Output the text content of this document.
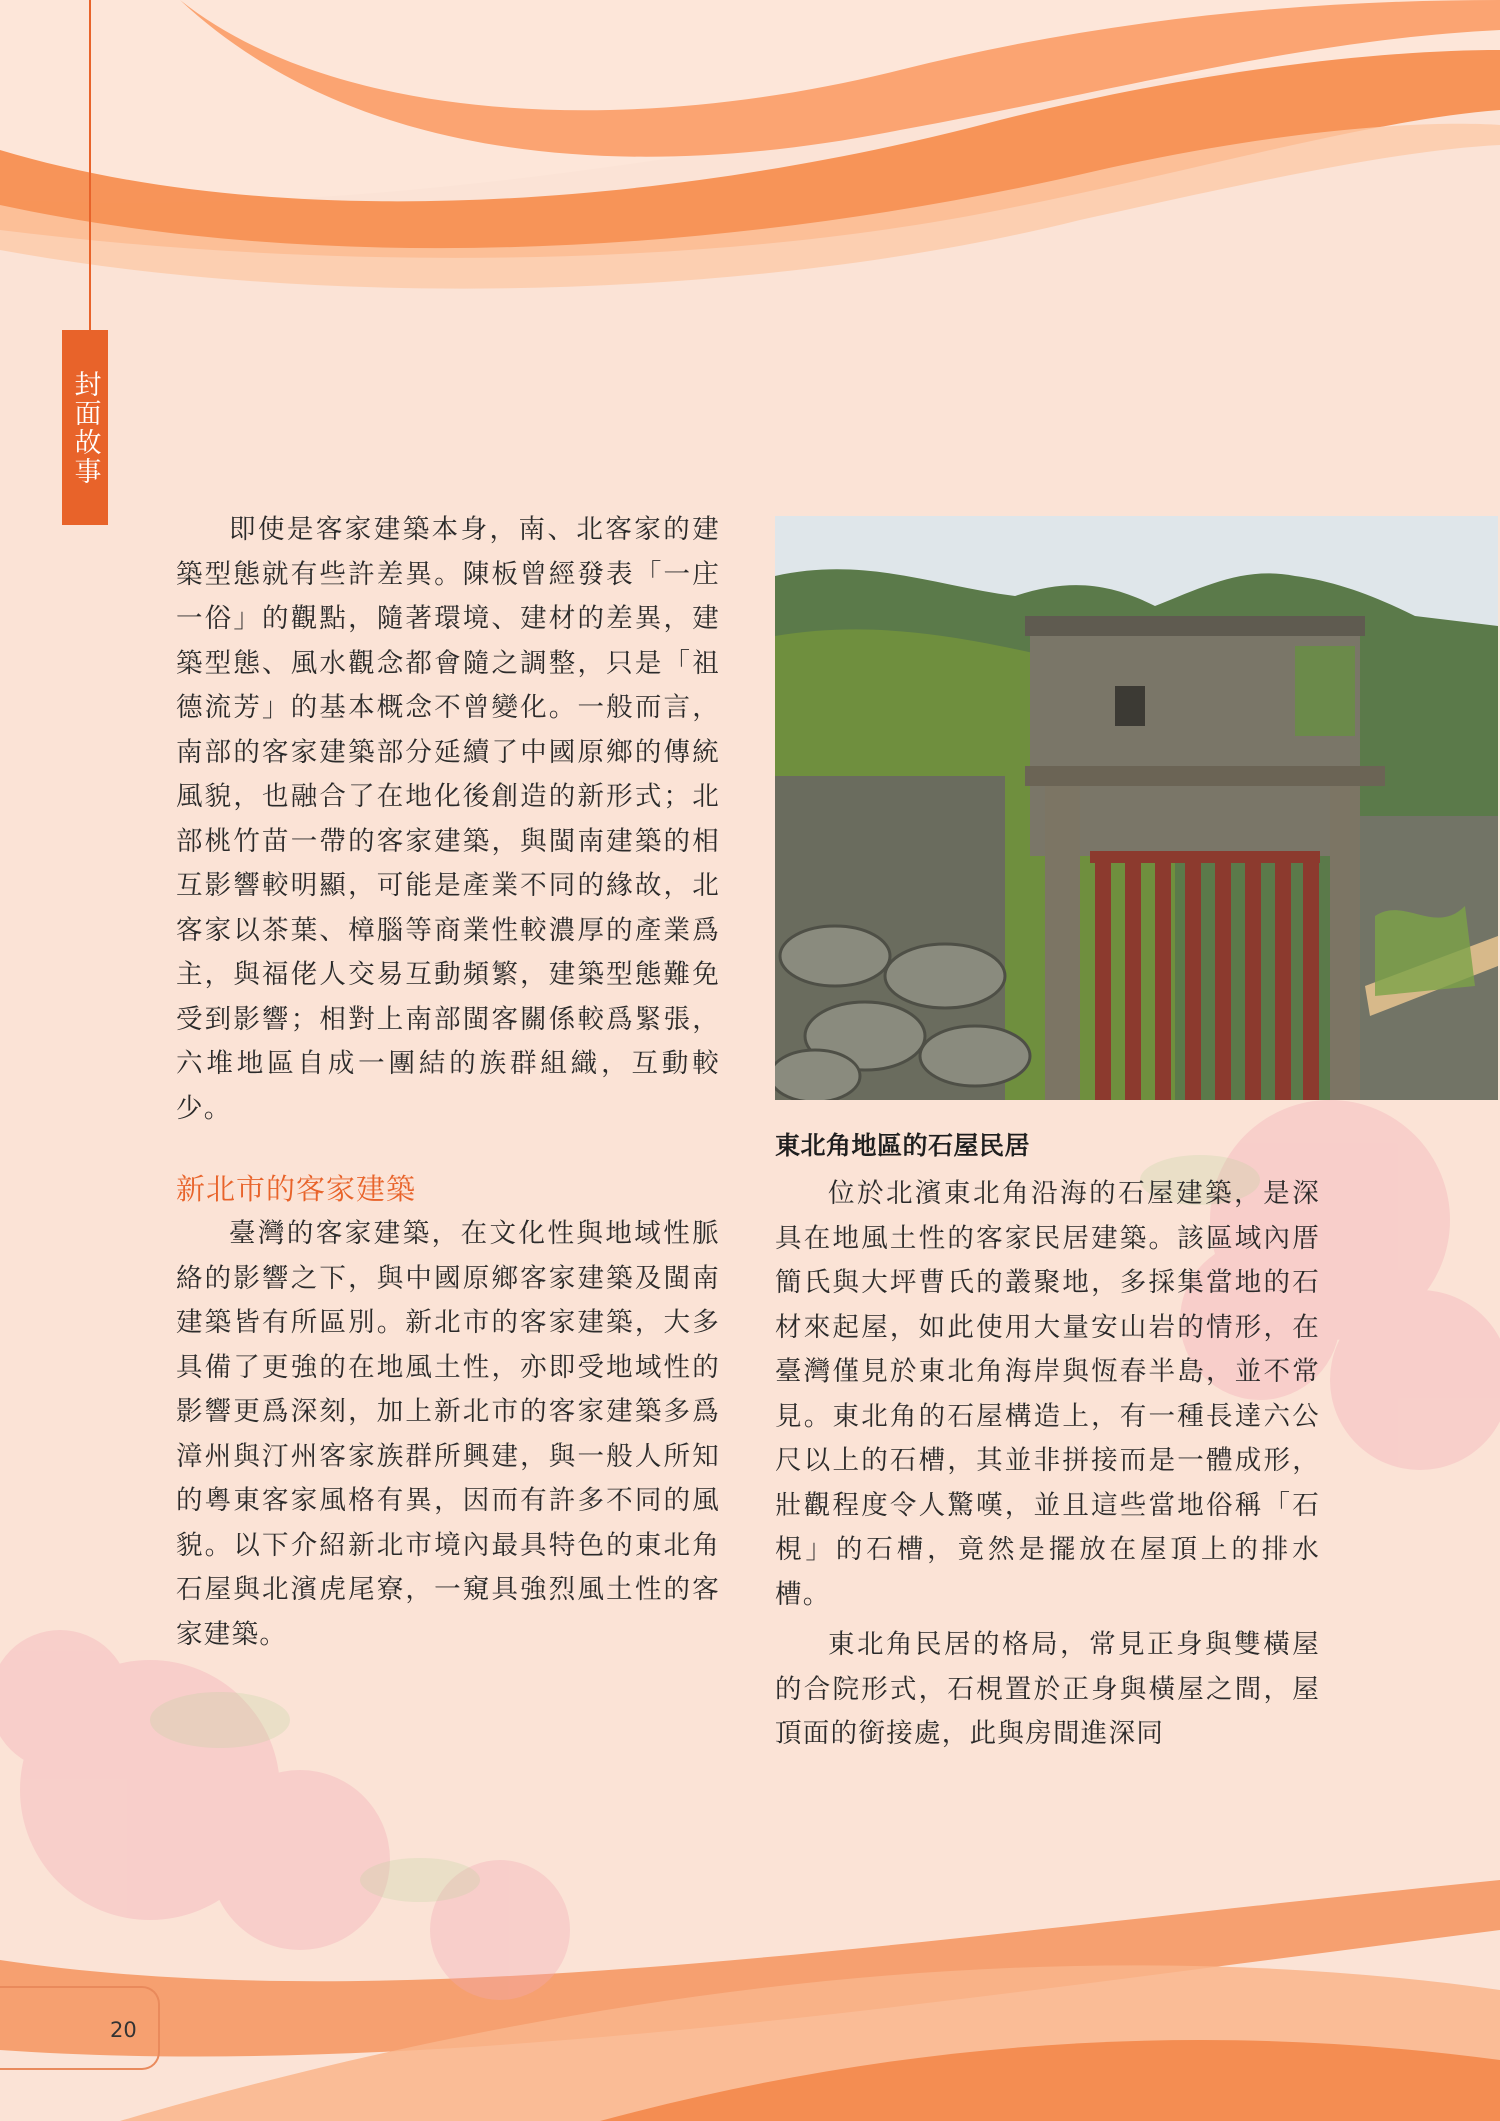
封面故事

即使是客家建築本身，南、北客家的建築型態就有些許差異。陳板曾經發表「一庄一俗」的觀點，隨著環境、建材的差異，建築型態、風水觀念都會隨之調整，只是「祖德流芳」的基本概念不曾變化。一般而言，南部的客家建築部分延續了中國原鄉的傳統風貌，也融合了在地化後創造的新形式；北部桃竹苗一帶的客家建築，與閩南建築的相互影響較明顯，可能是產業不同的緣故，北客家以茶葉、樟腦等商業性較濃厚的產業爲主，與福佬人交易互動頻繁，建築型態難免受到影響；相對上南部閩客關係較爲緊張，六堆地區自成一團結的族群組織，互動較少。

新北市的客家建築

臺灣的客家建築，在文化性與地域性脈絡的影響之下，與中國原鄉客家建築及閩南建築皆有所區別。新北市的客家建築，大多具備了更強的在地風土性，亦即受地域性的影響更爲深刻，加上新北市的客家建築多爲漳州與汀州客家族群所興建，與一般人所知的粵東客家風格有異，因而有許多不同的風貌。以下介紹新北市境內最具特色的東北角石屋與北濱虎尾寮，一窺具強烈風土性的客家建築。

東北角地區的石屋民居

位於北濱東北角沿海的石屋建築，是深具在地風土性的客家民居建築。該區域內厝簡氏與大坪曹氏的叢聚地，多採集當地的石材來起屋，如此使用大量安山岩的情形，在臺灣僅見於東北角海岸與恆春半島，並不常見。東北角的石屋構造上，有一種長達六公尺以上的石槽，其並非拼接而是一體成形，壯觀程度令人驚嘆，並且這些當地俗稱「石梘」的石槽，竟然是擺放在屋頂上的排水槽。

東北角民居的格局，常見正身與雙橫屋的合院形式，石梘置於正身與橫屋之間，屋頂面的銜接處，此與房間進深同

20
